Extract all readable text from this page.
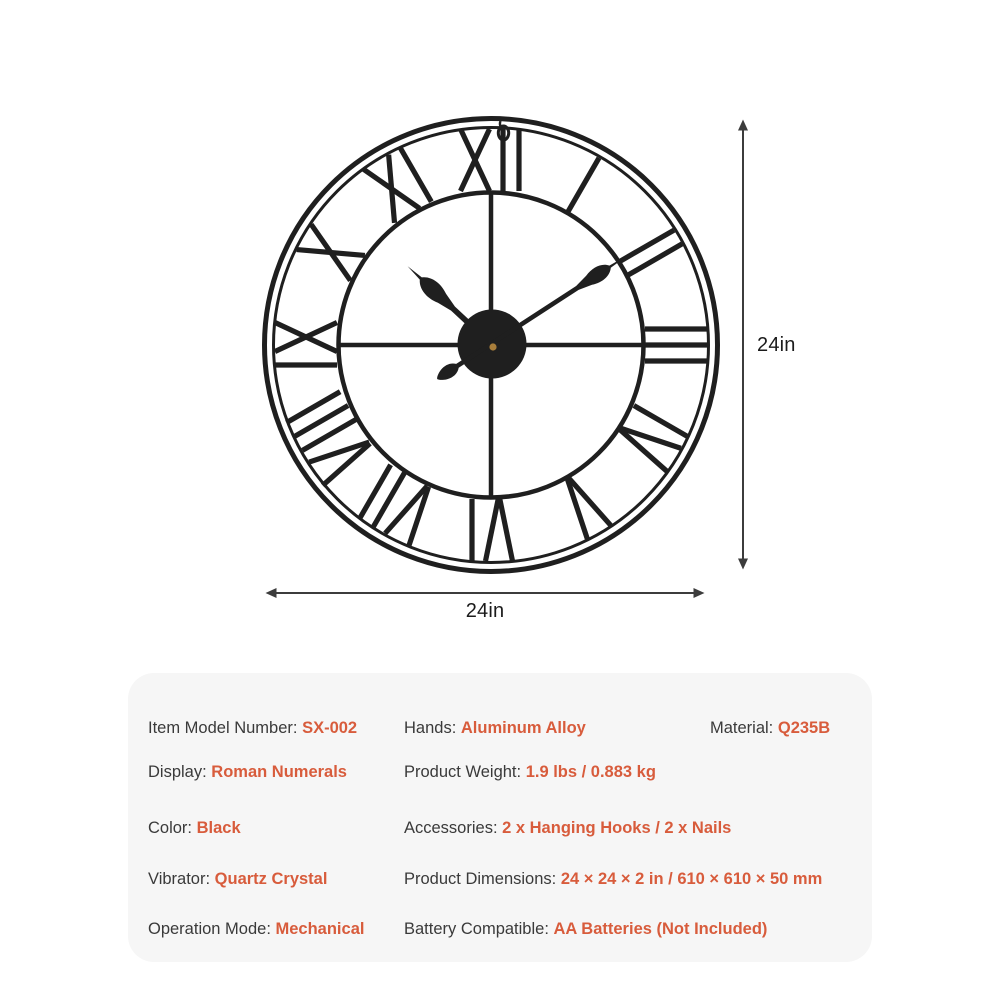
24in
24in
Item Model Number: SX-002	Hands: Aluminum Alloy	Material: Q235B
Display: Roman Numerals	Product Weight: 1.9 lbs / 0.883 kg
Color: Black	Accessories: 2 x Hanging Hooks / 2 x Nails
Vibrator: Quartz Crystal	Product Dimensions: 24 × 24 × 2 in / 610 × 610 × 50 mm
Operation Mode: Mechanical Battery Compatible: AA Batteries (Not Included)
